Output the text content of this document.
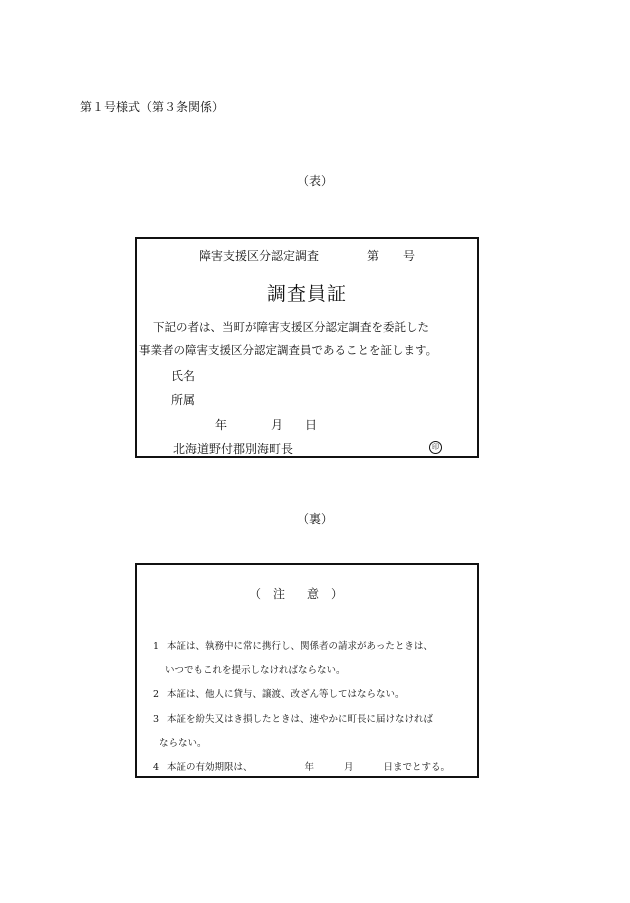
第１号様式（第３条関係）
（表）
障害支援区分認定調査	第 号
調査員証
下記の者は、当町が障害支援区分認定調査を委託した
事業者の障害支援区分認定調査員であることを証します。
氏名
所属
年	月 日
北海道野付郡別海町長	印
（裏）
（ 注 意 ）
1 本証は、執務中に常に携行し、関係者の請求があったときは、
いつでもこれを提示しなければならない。
2 本証は、他人に貸与、譲渡、改ざん等してはならない。
3 本証を紛失又はき損したときは、速やかに町長に届けなければ
ならない。
4 本証の有効期限は、	年	月	日までとする。
